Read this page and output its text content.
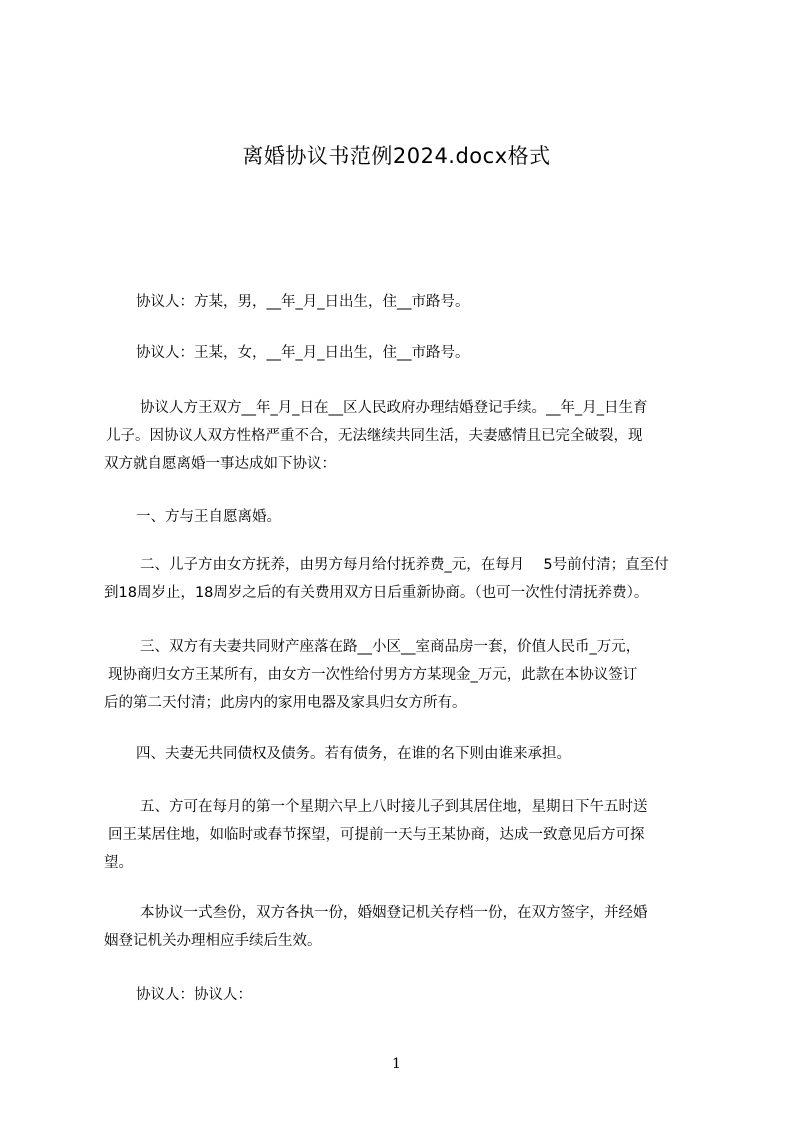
离婚协议书范例2024.docx格式
协议人：方某，男，__年_月_日出生，住__市路号。
协议人：王某，女，__年_月_日出生，住__市路号。
协议人方王双方__年_月_日在__区人民政府办理结婚登记手续。__年_月_日生育
儿子。因协议人双方性格严重不合，无法继续共同生活，夫妻感情且已完全破裂，现
双方就自愿离婚一事达成如下协议：
一、方与王自愿离婚。
二、儿子方由女方抚养，由男方每月给付抚养费_元，在每月　 5号前付清；直至付
到18周岁止，18周岁之后的有关费用双方日后重新协商。（也可一次性付清抚养费）。
三、双方有夫妻共同财产座落在路__小区__室商品房一套，价值人民币_万元，
现协商归女方王某所有，由女方一次性给付男方方某现金_万元，此款在本协议签订
后的第二天付清；此房内的家用电器及家具归女方所有。
四、夫妻无共同债权及债务。若有债务，在谁的名下则由谁来承担。
五、方可在每月的第一个星期六早上八时接儿子到其居住地，星期日下午五时送
回王某居住地，如临时或春节探望，可提前一天与王某协商，达成一致意见后方可探
望。
本协议一式叁份，双方各执一份，婚姻登记机关存档一份，在双方签字，并经婚
姻登记机关办理相应手续后生效。
协议人：协议人：
1
